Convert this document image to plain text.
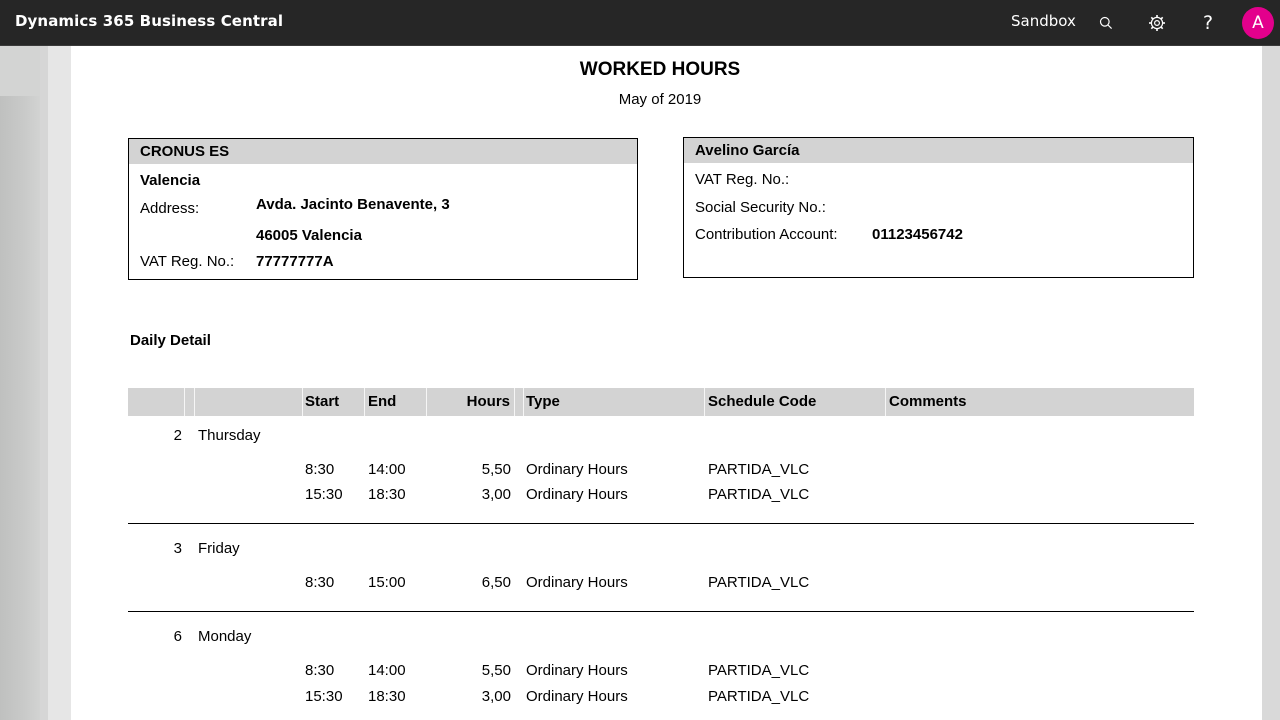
Dynamics 365 Business Central	Sandbox	?	A
WORKED HOURS
May of 2019
CRONUS ES
Valencia
Address:	Avda. Jacinto Benavente, 3
46005 Valencia
VAT Reg. No.: 77777777A
Avelino García
VAT Reg. No.:
Social Security No.:
Contribution Account: 01123456742
Daily Detail
Start End	Hours Type	Schedule Code	Comments
2 Thursday
8:30 14:00	5,50 Ordinary Hours	PARTIDA_VLC
15:30 18:30	3,00 Ordinary Hours	PARTIDA_VLC
3 Friday
8:30 15:00	6,50 Ordinary Hours	PARTIDA_VLC
6 Monday
8:30 14:00	5,50 Ordinary Hours	PARTIDA_VLC
15:30 18:30	3,00 Ordinary Hours	PARTIDA_VLC
